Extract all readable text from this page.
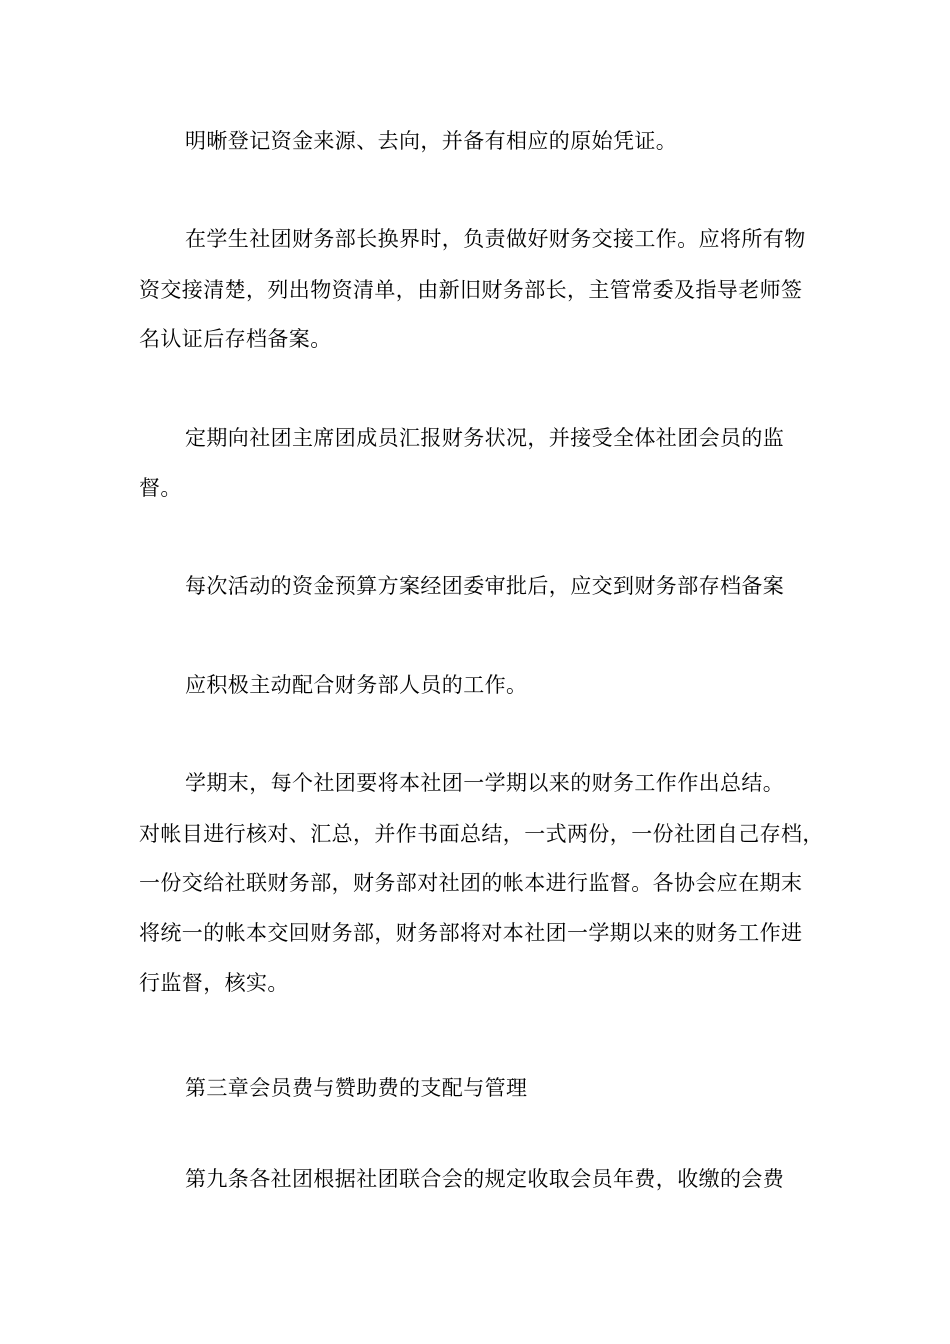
明晰登记资金来源、去向，并备有相应的原始凭证。
在学生社团财务部长换界时，负责做好财务交接工作。应将所有物
资交接清楚，列出物资清单，由新旧财务部长，主管常委及指导老师签
名认证后存档备案。
定期向社团主席团成员汇报财务状况，并接受全体社团会员的监
督。
每次活动的资金预算方案经团委审批后，应交到财务部存档备案
应积极主动配合财务部人员的工作。
学期末，每个社团要将本社团一学期以来的财务工作作出总结。
对帐目进行核对、汇总，并作书面总结，一式两份，一份社团自己存档，
一份交给社联财务部，财务部对社团的帐本进行监督。各协会应在期末
将统一的帐本交回财务部，财务部将对本社团一学期以来的财务工作进
行监督，核实。
第三章会员费与赞助费的支配与管理
第九条各社团根据社团联合会的规定收取会员年费，收缴的会费
